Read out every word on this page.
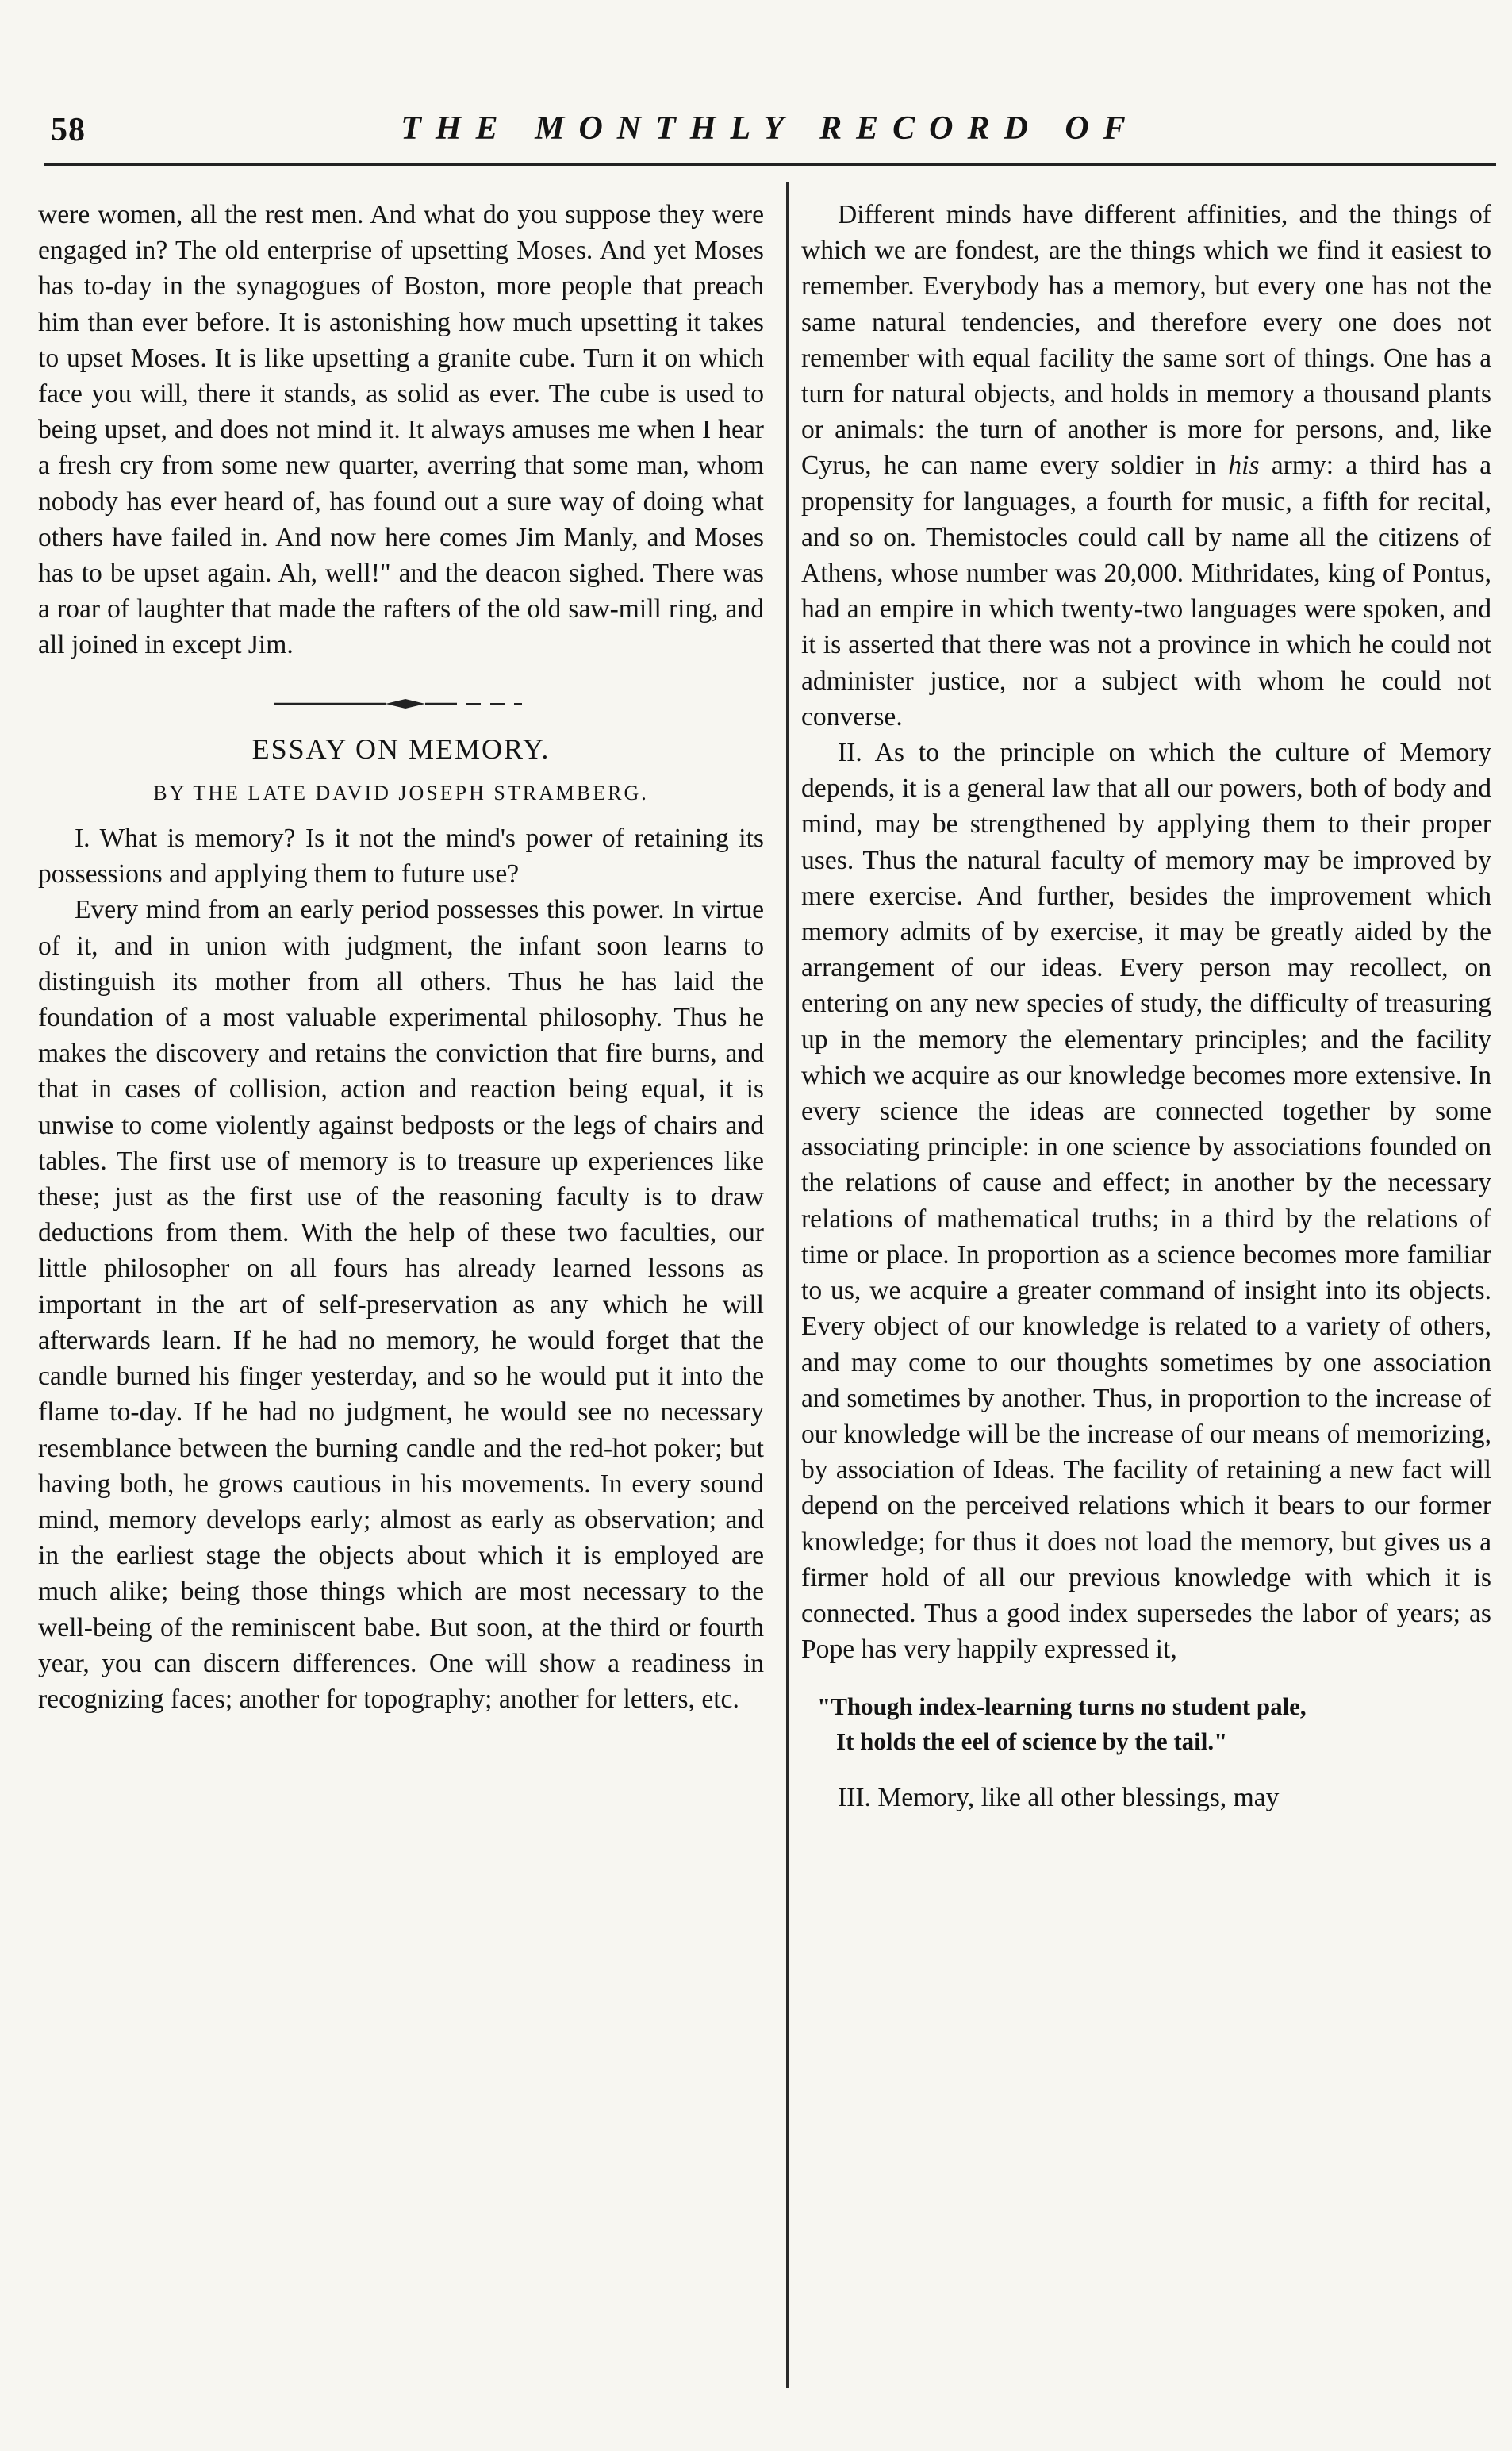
58	THE MONTHLY RECORD OF

were women, all the rest men. And what do you suppose they were engaged in? The old enterprise of upsetting Moses. And yet Moses has to-day in the synagogues of Boston, more people that preach him than ever before. It is astonishing how much upsetting it takes to upset Moses. It is like upsetting a granite cube. Turn it on which face you will, there it stands, as solid as ever. The cube is used to being upset, and does not mind it. It always amuses me when I hear a fresh cry from some new quarter, averring that some man, whom nobody has ever heard of, has found out a sure way of doing what others have failed in. And now here comes Jim Manly, and Moses has to be upset again. Ah, well!" and the deacon sighed. There was a roar of laughter that made the rafters of the old saw-mill ring, and all joined in except Jim.

ESSAY ON MEMORY.
BY THE LATE DAVID JOSEPH STRAMBERG.

I. What is memory? Is it not the mind's power of retaining its possessions and applying them to future use?

Every mind from an early period possesses this power. In virtue of it, and in union with judgment, the infant soon learns to distinguish its mother from all others. Thus he has laid the foundation of a most valuable experimental philosophy. Thus he makes the discovery and retains the conviction that fire burns, and that in cases of collision, action and reaction being equal, it is unwise to come violently against bedposts or the legs of chairs and tables. The first use of memory is to treasure up experiences like these; just as the first use of the reasoning faculty is to draw deductions from them. With the help of these two faculties, our little philosopher on all fours has already learned lessons as important in the art of self-preservation as any which he will afterwards learn. If he had no memory, he would forget that the candle burned his finger yesterday, and so he would put it into the flame to-day. If he had no judgment, he would see no necessary resemblance between the burning candle and the red-hot poker; but having both, he grows cautious in his movements. In every sound mind, memory develops early; almost as early as observation; and in the earliest stage the objects about which it is employed are much alike; being those things which are most necessary to the well-being of the reminiscent babe. But soon, at the third or fourth year, you can discern differences. One will show a readiness in recognizing faces; another for topography; another for letters, etc.

Different minds have different affinities, and the things of which we are fondest, are the things which we find it easiest to remember. Everybody has a memory, but every one has not the same natural tendencies, and therefore every one does not remember with equal facility the same sort of things. One has a turn for natural objects, and holds in memory a thousand plants or animals: the turn of another is more for persons, and, like Cyrus, he can name every soldier in his army: a third has a propensity for languages, a fourth for music, a fifth for recital, and so on. Themistocles could call by name all the citizens of Athens, whose number was 20,000. Mithridates, king of Pontus, had an empire in which twenty-two languages were spoken, and it is asserted that there was not a province in which he could not administer justice, nor a subject with whom he could not converse.

II. As to the principle on which the culture of Memory depends, it is a general law that all our powers, both of body and mind, may be strengthened by applying them to their proper uses. Thus the natural faculty of memory may be improved by mere exercise. And further, besides the improvement which memory admits of by exercise, it may be greatly aided by the arrangement of our ideas. Every person may recollect, on entering on any new species of study, the difficulty of treasuring up in the memory the elementary principles; and the facility which we acquire as our knowledge becomes more extensive. In every science the ideas are connected together by some associating principle: in one science by associations founded on the relations of cause and effect; in another by the necessary relations of mathematical truths; in a third by the relations of time or place. In proportion as a science becomes more familiar to us, we acquire a greater command of insight into its objects. Every object of our knowledge is related to a variety of others, and may come to our thoughts sometimes by one association and sometimes by another. Thus, in proportion to the increase of our knowledge will be the increase of our means of memorizing, by association of Ideas. The facility of retaining a new fact will depend on the perceived relations which it bears to our former knowledge; for thus it does not load the memory, but gives us a firmer hold of all our previous knowledge with which it is connected. Thus a good index supersedes the labor of years; as Pope has very happily expressed it,

"Though index-learning turns no student pale,
It holds the eel of science by the tail."

III. Memory, like all other blessings, may
